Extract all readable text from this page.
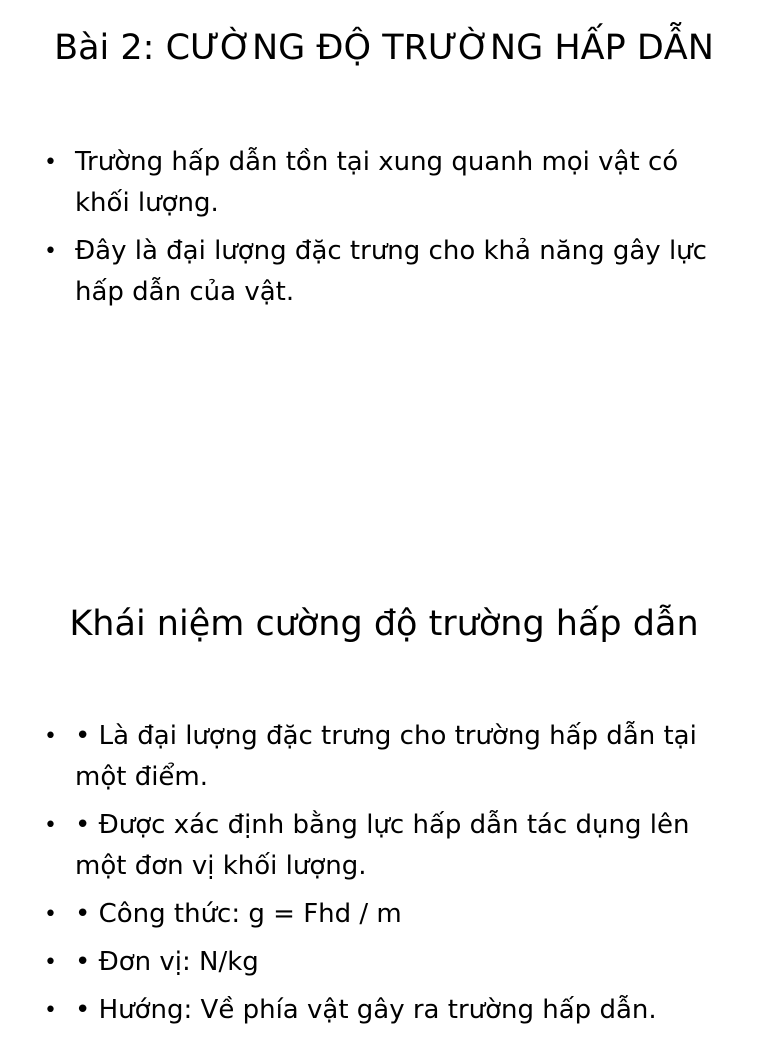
Bài 2: CƯỜNG ĐỘ TRƯỜNG HẤP DẪN
• Trường hấp dẫn tồn tại xung quanh mọi vật có khối lượng.
• Đây là đại lượng đặc trưng cho khả năng gây lực hấp dẫn của vật.
Khái niệm cường độ trường hấp dẫn
• • Là đại lượng đặc trưng cho trường hấp dẫn tại một điểm.
• • Được xác định bằng lực hấp dẫn tác dụng lên một đơn vị khối lượng.
• • Công thức: g = Fhd / m
• • Đơn vị: N/kg
• • Hướng: Về phía vật gây ra trường hấp dẫn.
